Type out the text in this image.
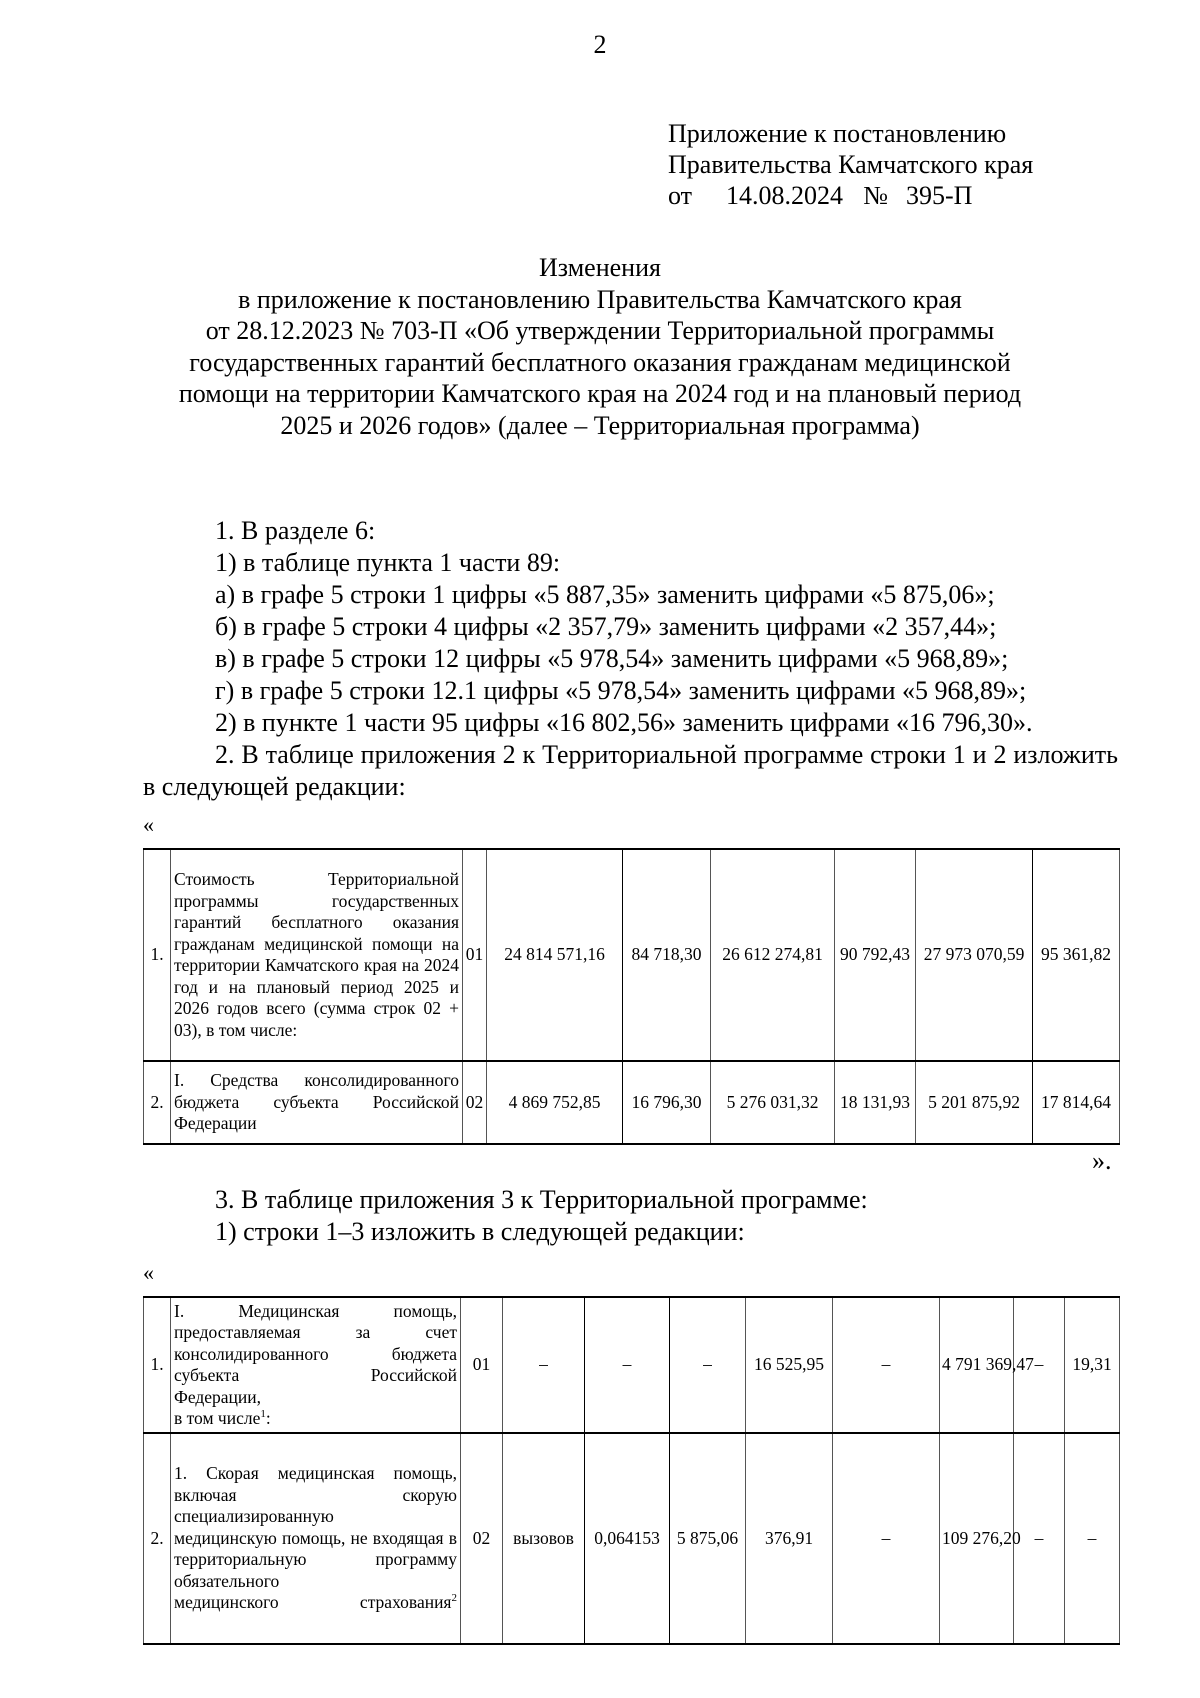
2
Приложение к постановлению
Правительства Камчатского края
от 14.08.2024 № 395-П
Изменения
в приложение к постановлению Правительства Камчатского края
от 28.12.2023 № 703-П «Об утверждении Территориальной программы
государственных гарантий бесплатного оказания гражданам медицинской
помощи на территории Камчатского края на 2024 год и на плановый период
2025 и 2026 годов» (далее – Территориальная программа)
1. В разделе 6:
1) в таблице пункта 1 части 89:
а) в графе 5 строки 1 цифры «5 887,35» заменить цифрами «5 875,06»;
б) в графе 5 строки 4 цифры «2 357,79» заменить цифрами «2 357,44»;
в) в графе 5 строки 12 цифры «5 978,54» заменить цифрами «5 968,89»;
г) в графе 5 строки 12.1 цифры «5 978,54» заменить цифрами «5 968,89»;
2) в пункте 1 части 95 цифры «16 802,56» заменить цифрами «16 796,30».
2. В таблице приложения 2 к Территориальной программе строки 1 и 2 изложить в следующей редакции:
«
1.	Стоимость Территориальной программы государственных гарантий бесплатного оказания гражданам медицинской помощи на территории Камчатского края на 2024 год и на плановый период 2025 и 2026 годов всего (сумма строк 02 +
03), в том числе:	01	24 814 571,16	84 718,30	26 612 274,81	90 792,43	27 973 070,59	95 361,82
2.	I. Средства консолидированного бюджета субъекта Российской
Федерации	02	4 869 752,85	16 796,30	5 276 031,32	18 131,93	5 201 875,92	17 814,64
».
3. В таблице приложения 3 к Территориальной программе:
1) строки 1–3 изложить в следующей редакции:
«
1.	I. Медицинская помощь, предоставляемая за счет консолидированного бюджета субъекта Российской
Федерации,
в том числе$^1$:	01	–	–	–	16 525,95	–	4 791 369,47	–	19,31
2.	1. Скорая медицинская помощь, включая скорую
специализированную
медицинскую помощь, не входящая в территориальную программу обязательного
медицинского страхования$^2$	02	вызовов	0,064153	5 875,06	376,91	–	109 276,20	–	–
